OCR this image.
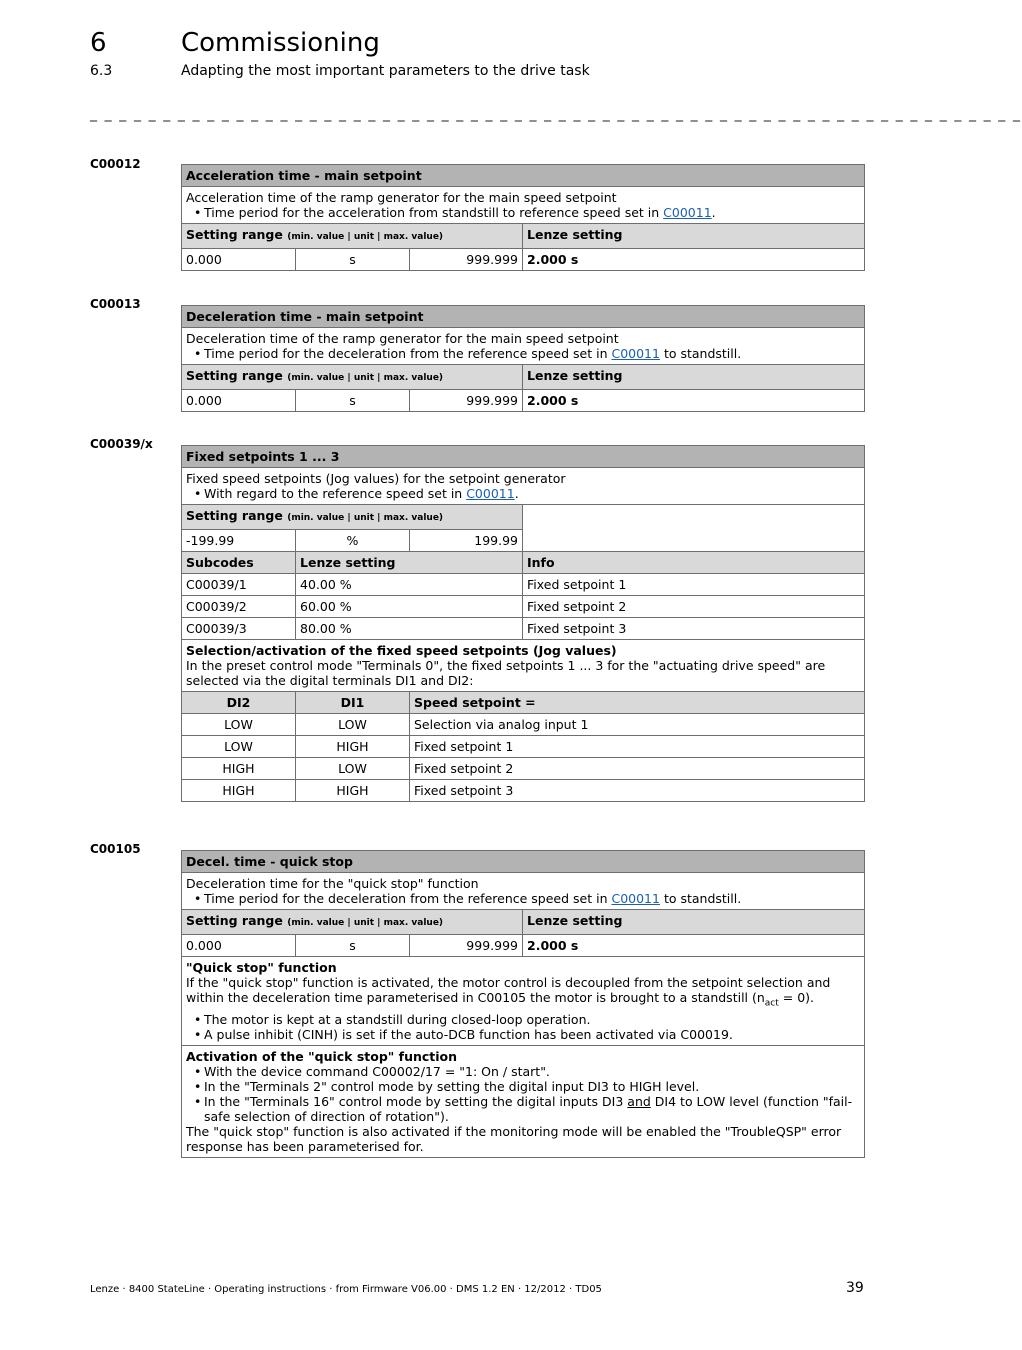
6	Commissioning
6.3	Adapting the most important parameters to the drive task
_ _ _ _ _ _ _ _ _ _ _ _ _ _ _ _ _ _ _ _ _ _ _ _ _ _ _ _ _ _ _ _ _ _ _ _ _ _ _ _ _ _ _ _ _ _ _ _ _ _ _ _ _ _ _ _ _ _ _ _ _ _ _ _
C00012
Acceleration time - main setpoint			

Acceleration time of the ramp generator for the main speed setpoint
• Time period for the acceleration from standstill to reference speed set in C00011.

Setting range (min. value | unit | max. value)			Lenze setting
0.000	s	999.999	2.000 s
C00013
Deceleration time - main setpoint			

Deceleration time of the ramp generator for the main speed setpoint
• Time period for the deceleration from the reference speed set in C00011 to standstill.

Setting range (min. value | unit | max. value)			Lenze setting
0.000	s	999.999	2.000 s
C00039/x
Fixed setpoints 1 ... 3			

Fixed speed setpoints (Jog values) for the setpoint generator
• With regard to the reference speed set in C00011.

Setting range (min. value | unit | max. value)			
-199.99	%	199.99	
Subcodes	Lenze setting		Info
C00039/1	40.00 %		Fixed setpoint 1
C00039/2	60.00 %		Fixed setpoint 2
C00039/3	80.00 %		Fixed setpoint 3

Selection/activation of the fixed speed setpoints (Jog values)
In the preset control mode "Terminals 0", the fixed setpoints 1 ... 3 for the "actuating drive speed" are selected via the digital terminals DI1 and DI2:			

DI2	DI1	Speed setpoint =	
LOW	LOW	Selection via analog input 1	
LOW	HIGH	Fixed setpoint 1	
HIGH	LOW	Fixed setpoint 2	
HIGH	HIGH	Fixed setpoint 3	
C00105
Decel. time - quick stop			

Deceleration time for the "quick stop" function
• Time period for the deceleration from the reference speed set in C00011 to standstill.

Setting range (min. value | unit | max. value)			Lenze setting
0.000	s	999.999	2.000 s

"Quick stop" function
If the "quick stop" function is activated, the motor control is decoupled from the setpoint selection and within the deceleration time parameterised in C00105 the motor is brought to a standstill $(n_{act} = 0)$.
• The motor is kept at a standstill during closed-loop operation.
• A pulse inhibit (CINH) is set if the auto-DCB function has been activated via C00019.

Activation of the "quick stop" function
• With the device command C00002/17 = "1: On / start".
• In the "Terminals 2" control mode by setting the digital input DI3 to HIGH level.
• In the "Terminals 16" control mode by setting the digital inputs DI3 and DI4 to LOW level (function "fail-safe selection of direction of rotation").
The "quick stop" function is also activated if the monitoring mode will be enabled the "TroubleQSP" error response has been parameterised for.
Lenze · 8400 StateLine · Operating instructions · from Firmware V06.00 · DMS 1.2 EN · 12/2012 · TD05	39
